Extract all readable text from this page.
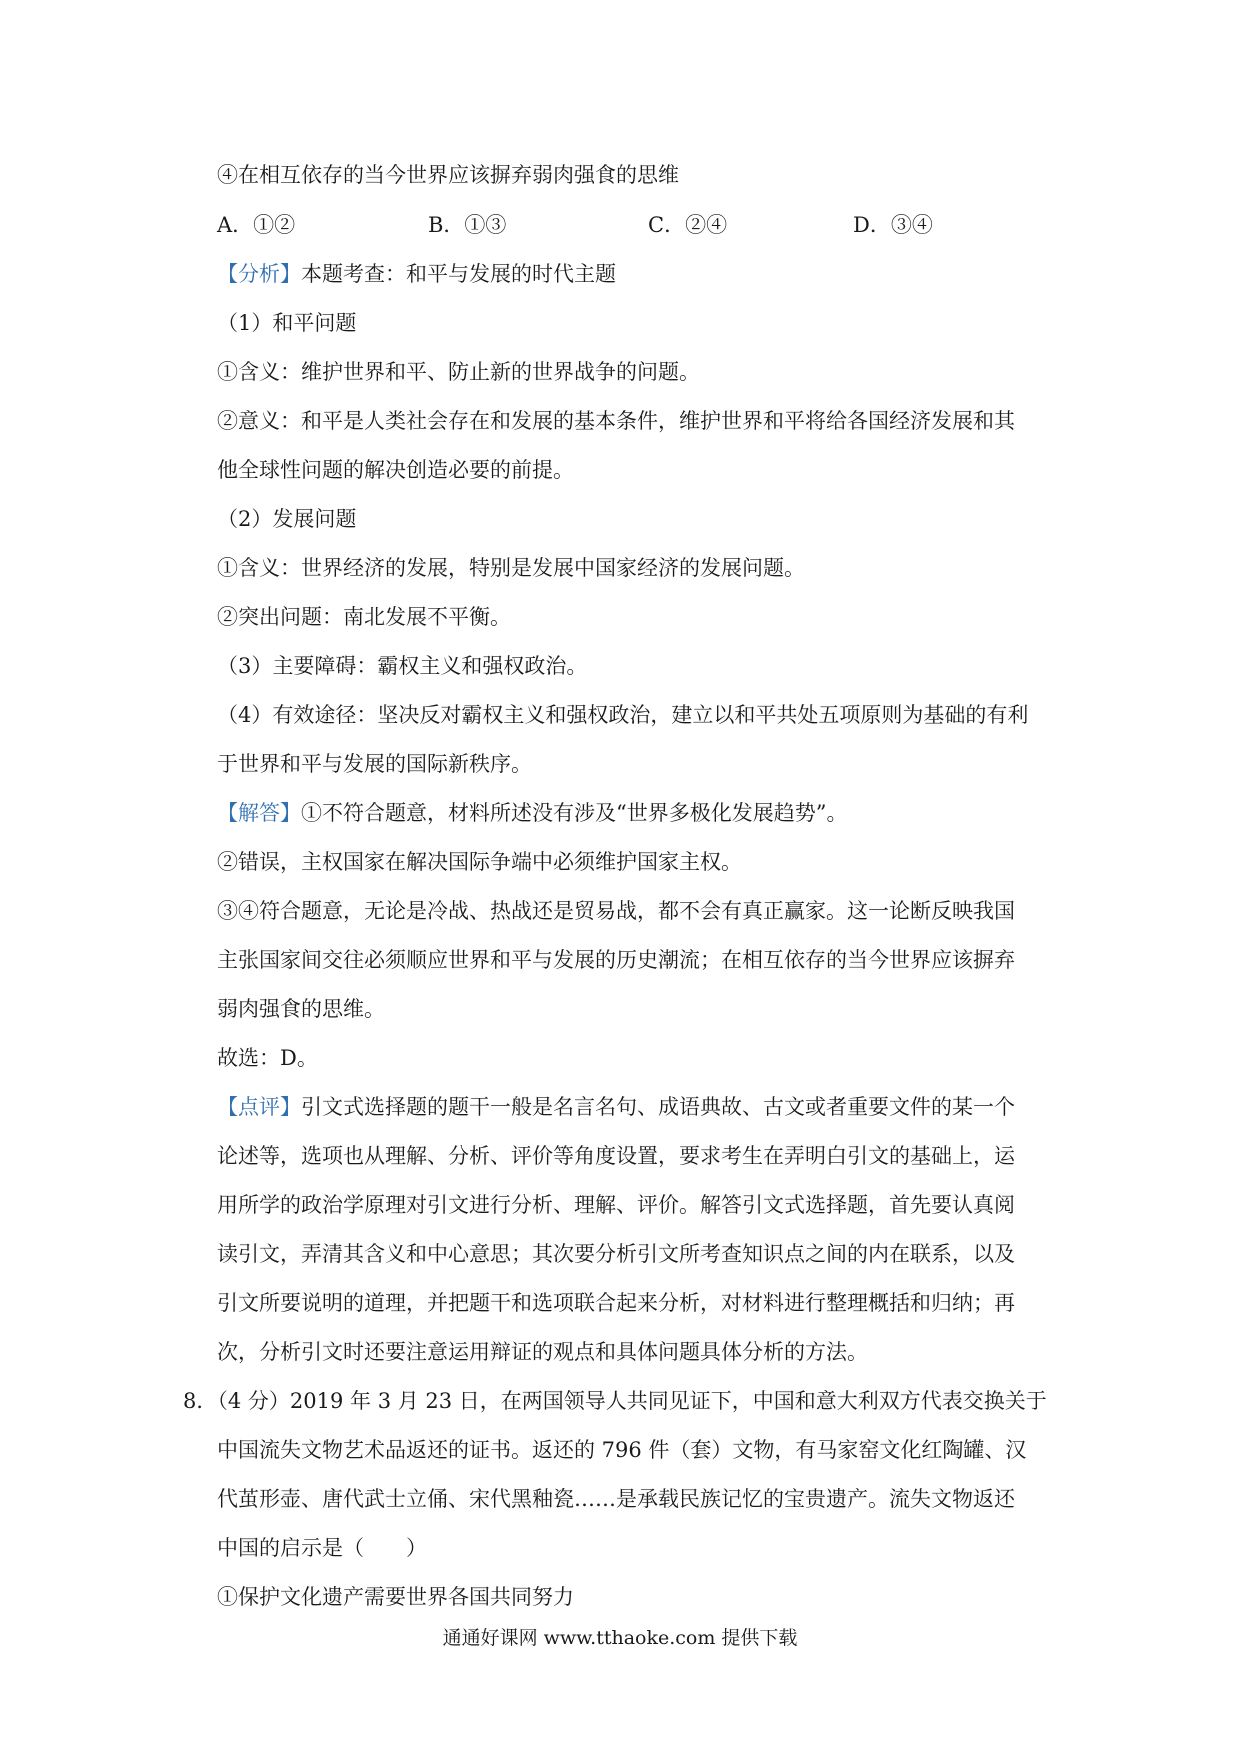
④在相互依存的当今世界应该摒弃弱肉强食的思维
A．①②	B．①③	C．②④	D．③④
【分析】本题考查：和平与发展的时代主题
（1）和平问题
①含义：维护世界和平、防止新的世界战争的问题。
②意义：和平是人类社会存在和发展的基本条件，维护世界和平将给各国经济发展和其
他全球性问题的解决创造必要的前提。
（2）发展问题
①含义：世界经济的发展，特别是发展中国家经济的发展问题。
②突出问题：南北发展不平衡。
（3）主要障碍：霸权主义和强权政治。
（4）有效途径：坚决反对霸权主义和强权政治，建立以和平共处五项原则为基础的有利
于世界和平与发展的国际新秩序。
【解答】①不符合题意，材料所述没有涉及“世界多极化发展趋势”。
②错误，主权国家在解决国际争端中必须维护国家主权。
③④符合题意，无论是冷战、热战还是贸易战，都不会有真正赢家。这一论断反映我国
主张国家间交往必须顺应世界和平与发展的历史潮流；在相互依存的当今世界应该摒弃
弱肉强食的思维。
故选：D。
【点评】引文式选择题的题干一般是名言名句、成语典故、古文或者重要文件的某一个
论述等，选项也从理解、分析、评价等角度设置，要求考生在弄明白引文的基础上，运
用所学的政治学原理对引文进行分析、理解、评价。解答引文式选择题，首先要认真阅
读引文，弄清其含义和中心意思；其次要分析引文所考查知识点之间的内在联系，以及
引文所要说明的道理，并把题干和选项联合起来分析，对材料进行整理概括和归纳；再
次，分析引文时还要注意运用辩证的观点和具体问题具体分析的方法。
8．（4 分）2019 年 3 月 23 日，在两国领导人共同见证下，中国和意大利双方代表交换关于
中国流失文物艺术品返还的证书。返还的 796 件（套）文物，有马家窑文化红陶罐、汉
代茧形壶、唐代武士立俑、宋代黑釉瓷……是承载民族记忆的宝贵遗产。流失文物返还
中国的启示是（　　）
①保护文化遗产需要世界各国共同努力
通通好课网 www.tthaoke.com 提供下载
